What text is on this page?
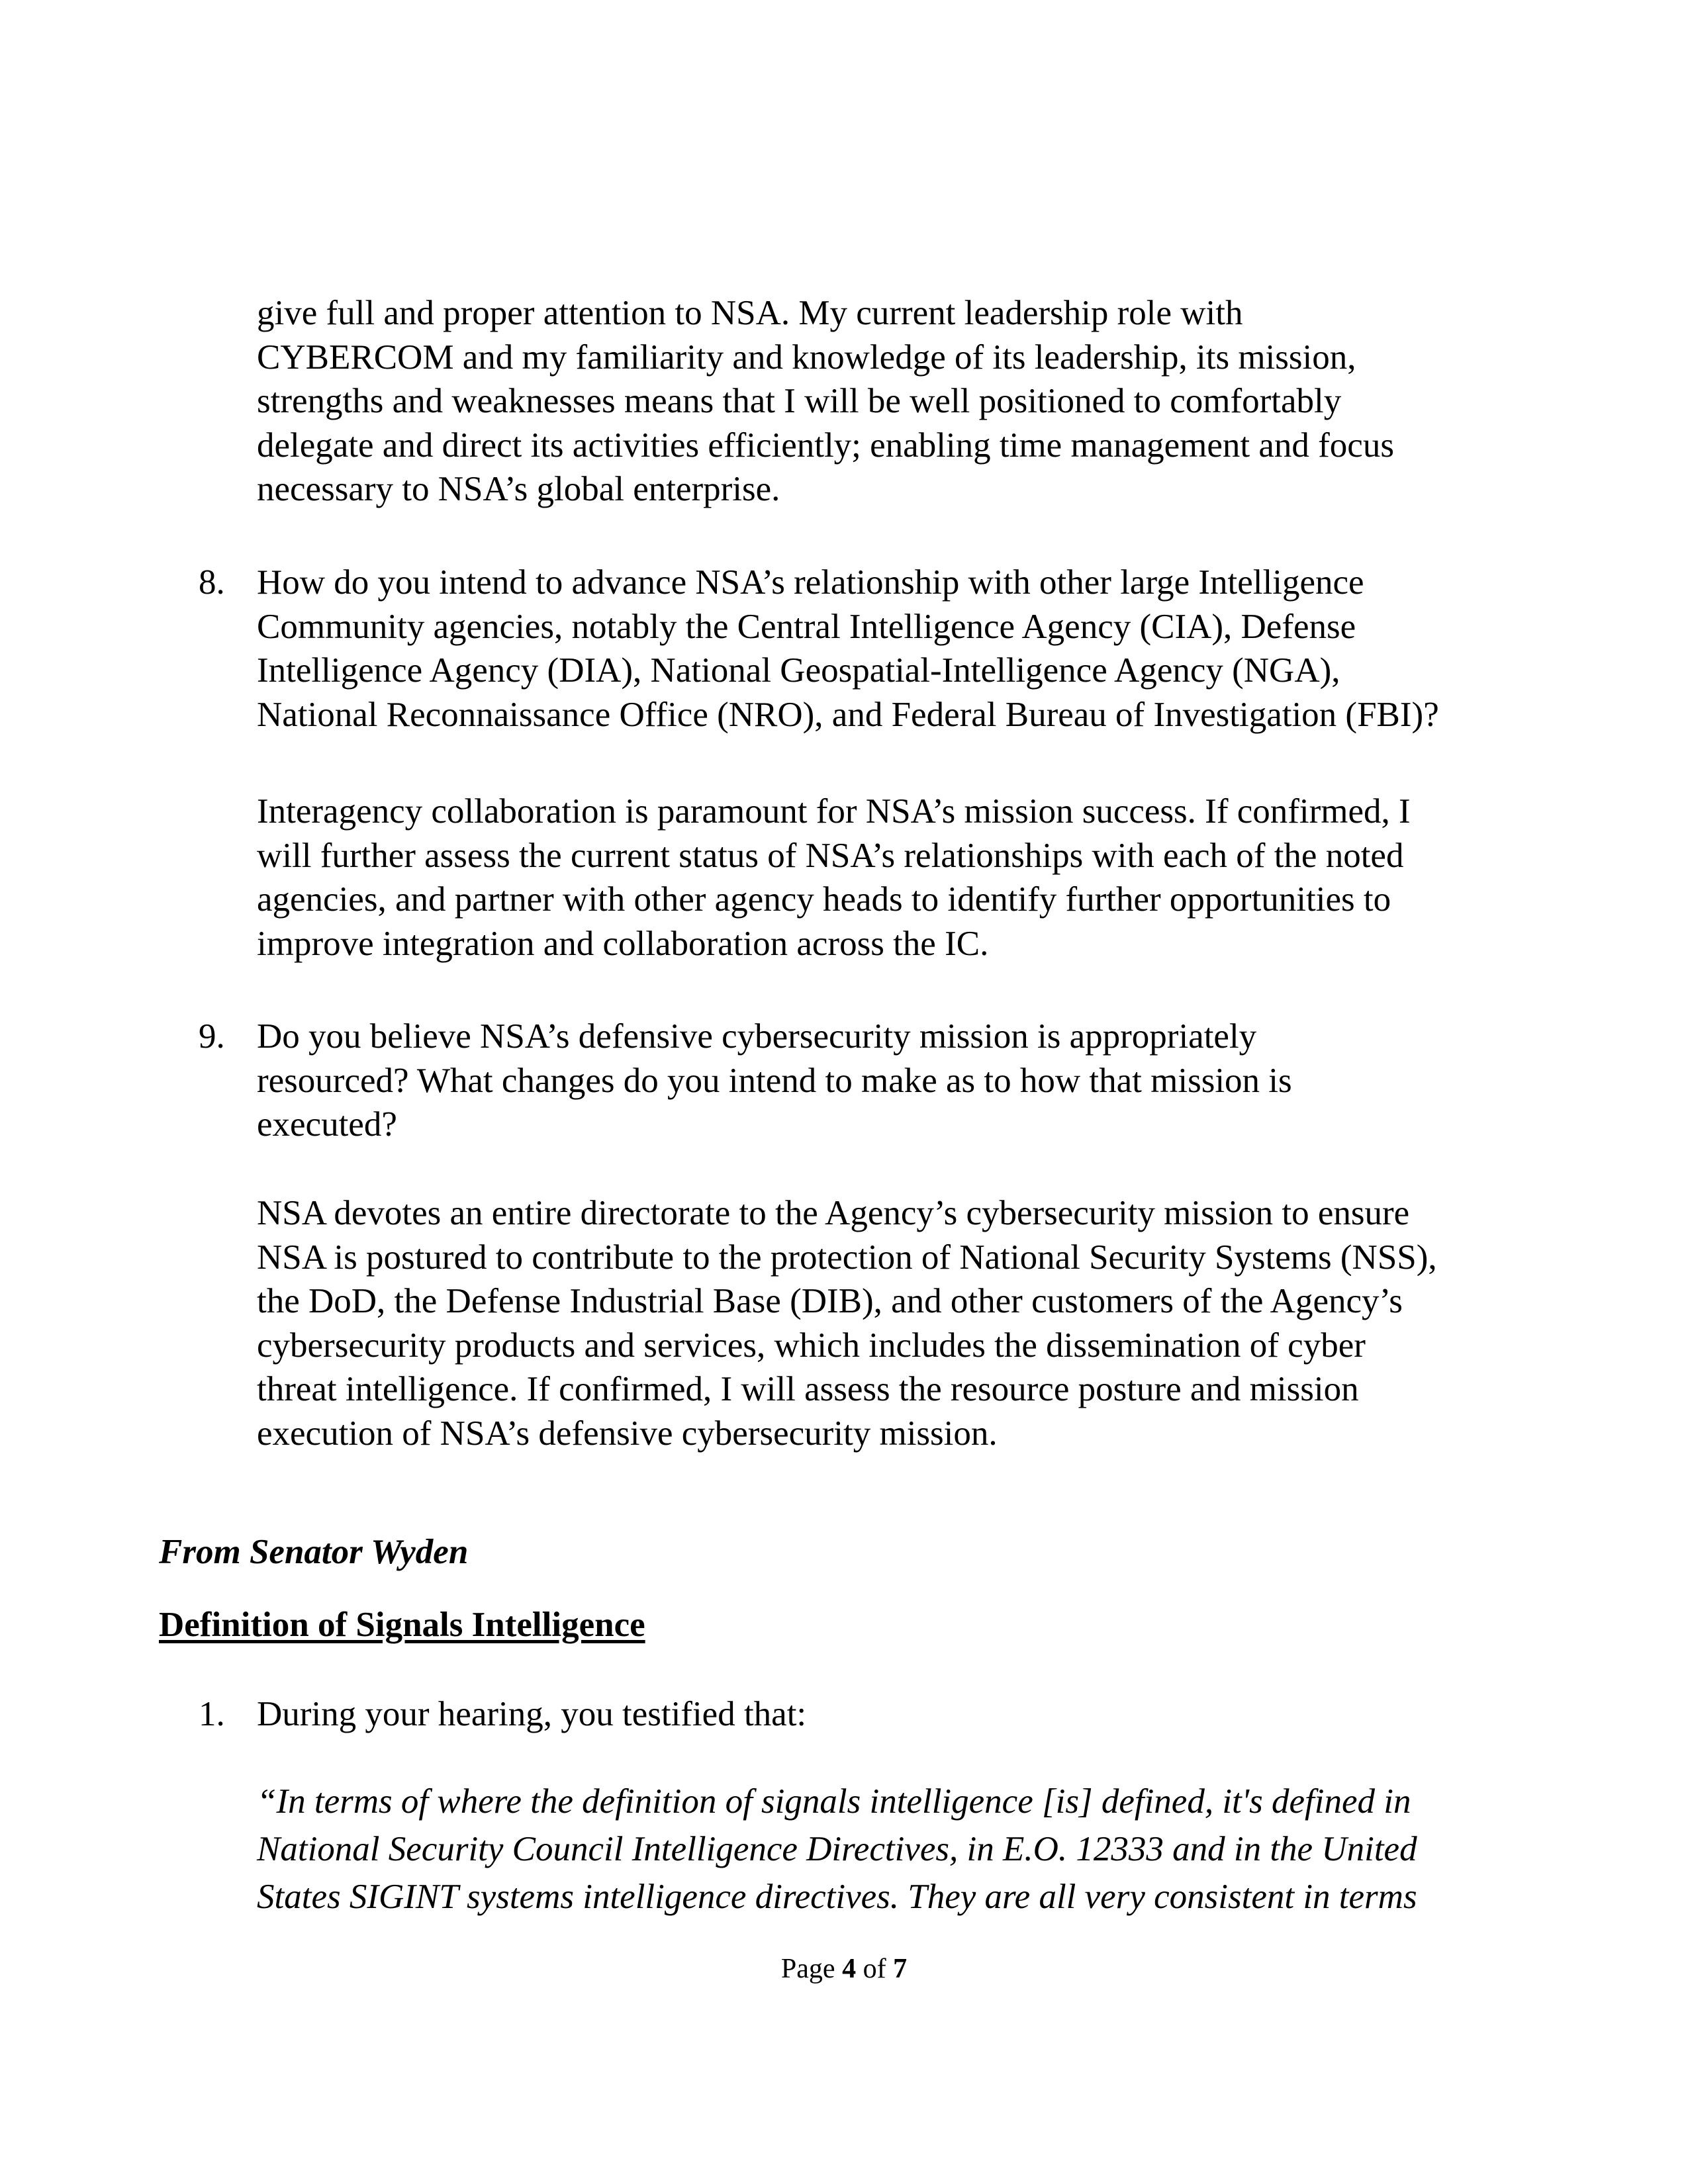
give full and proper attention to NSA. My current leadership role with
CYBERCOM and my familiarity and knowledge of its leadership, its mission,
strengths and weaknesses means that I will be well positioned to comfortably
delegate and direct its activities efficiently; enabling time management and focus
necessary to NSA’s global enterprise.
8. How do you intend to advance NSA’s relationship with other large Intelligence
Community agencies, notably the Central Intelligence Agency (CIA), Defense
Intelligence Agency (DIA), National Geospatial-Intelligence Agency (NGA),
National Reconnaissance Office (NRO), and Federal Bureau of Investigation (FBI)?
Interagency collaboration is paramount for NSA’s mission success. If confirmed, I
will further assess the current status of NSA’s relationships with each of the noted
agencies, and partner with other agency heads to identify further opportunities to
improve integration and collaboration across the IC.
9. Do you believe NSA’s defensive cybersecurity mission is appropriately
resourced? What changes do you intend to make as to how that mission is
executed?
NSA devotes an entire directorate to the Agency’s cybersecurity mission to ensure
NSA is postured to contribute to the protection of National Security Systems (NSS),
the DoD, the Defense Industrial Base (DIB), and other customers of the Agency’s
cybersecurity products and services, which includes the dissemination of cyber
threat intelligence. If confirmed, I will assess the resource posture and mission
execution of NSA’s defensive cybersecurity mission.
From Senator Wyden
Definition of Signals Intelligence
1. During your hearing, you testified that:
“In terms of where the definition of signals intelligence [is] defined, it's defined in
National Security Council Intelligence Directives, in E.O. 12333 and in the United
States SIGINT systems intelligence directives. They are all very consistent in terms
Page 4 of 7
